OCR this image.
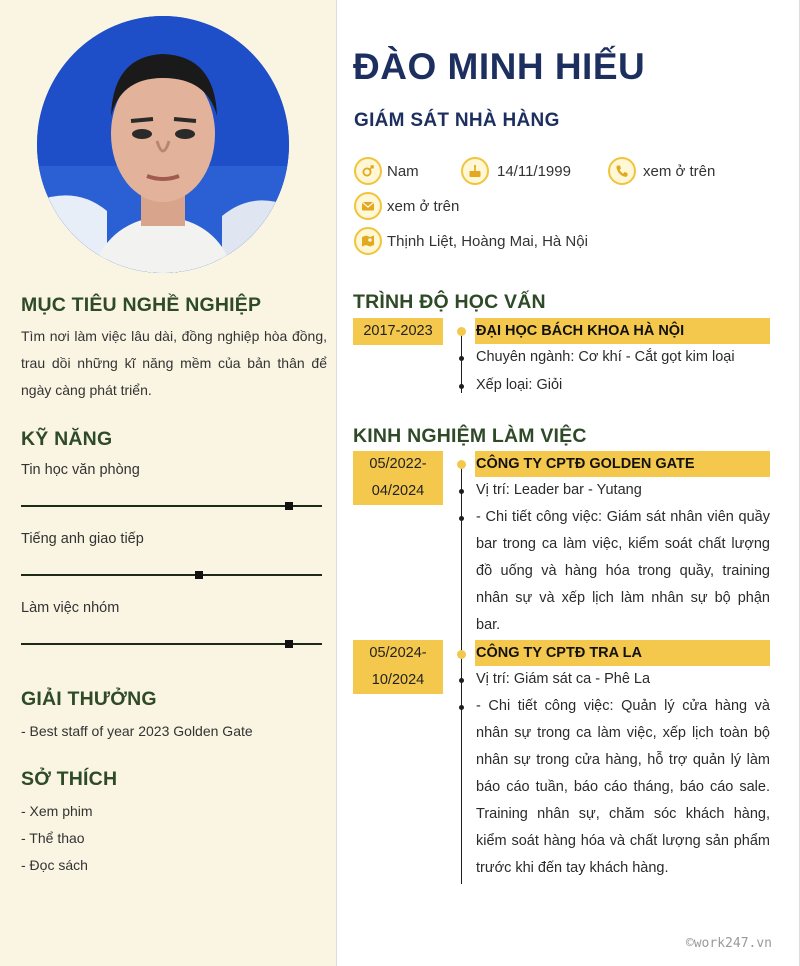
MỤC TIÊU NGHỀ NGHIỆP
Tìm nơi làm việc lâu dài, đồng nghiệp hòa đồng, trau dồi những kĩ năng mềm của bản thân để ngày càng phát triển.
KỸ NĂNG
Tin học văn phòng
Tiếng anh giao tiếp
Làm việc nhóm
GIẢI THƯỞNG
- Best staff of year 2023 Golden Gate
SỞ THÍCH
- Xem phim
- Thể thao
- Đọc sách
ĐÀO MINH HIẾU
GIÁM SÁT NHÀ HÀNG
Nam	14/11/1999	xem ở trên
xem ở trên
Thịnh Liệt, Hoàng Mai, Hà Nội
TRÌNH ĐỘ HỌC VẤN
2017-2023	ĐẠI HỌC BÁCH KHOA HÀ NỘI
Chuyên ngành: Cơ khí - Cắt gọt kim loại
Xếp loại: Giỏi
KINH NGHIỆM LÀM VIỆC
05/2022-
04/2024
CÔNG TY CPTĐ GOLDEN GATE
Vị trí: Leader bar - Yutang
- Chi tiết công việc: Giám sát nhân viên quầy bar trong ca làm việc, kiểm soát chất lượng đồ uống và hàng hóa trong quầy, training nhân sự và xếp lịch làm nhân sự bộ phận bar.
05/2024-
10/2024
CÔNG TY CPTĐ TRA LA
Vị trí: Giám sát ca - Phê La
- Chi tiết công việc: Quản lý cửa hàng và nhân sự trong ca làm việc, xếp lịch toàn bộ nhân sự trong cửa hàng, hỗ trợ quản lý làm báo cáo tuần, báo cáo tháng, báo cáo sale. Training nhân sự, chăm sóc khách hàng, kiểm soát hàng hóa và chất lượng sản phẩm trước khi đến tay khách hàng.
©work247.vn
